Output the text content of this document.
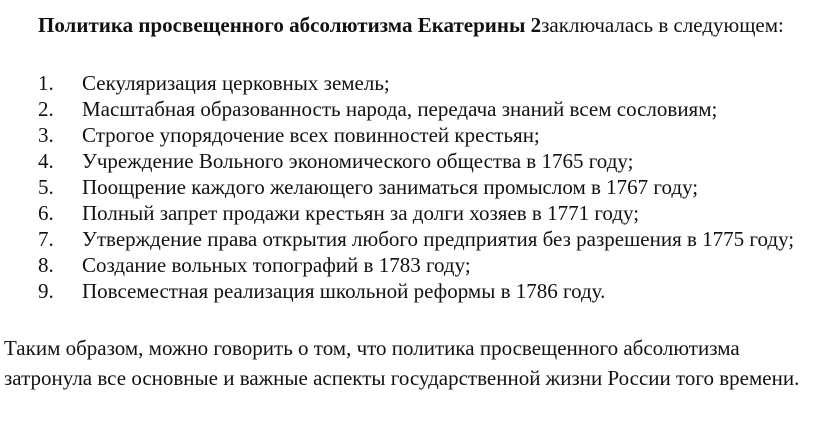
Политика просвещенного абсолютизма Екатерины 2заключалась в следующем:

1.	Секуляризация церковных земель;
2.	Масштабная образованность народа, передача знаний всем сословиям;
3.	Строгое упорядочение всех повинностей крестьян;
4.	Учреждение Вольного экономического общества в 1765 году;
5.	Поощрение каждого желающего заниматься промыслом в 1767 году;
6.	Полный запрет продажи крестьян за долги хозяев в 1771 году;
7.	Утверждение права открытия любого предприятия без разрешения в 1775 году;
8.	Создание вольных топографий в 1783 году;
9.	Повсеместная реализация школьной реформы в 1786 году.

Таким образом, можно говорить о том, что политика просвещенного абсолютизма затронула все основные и важные аспекты государственной жизни России того времени.
